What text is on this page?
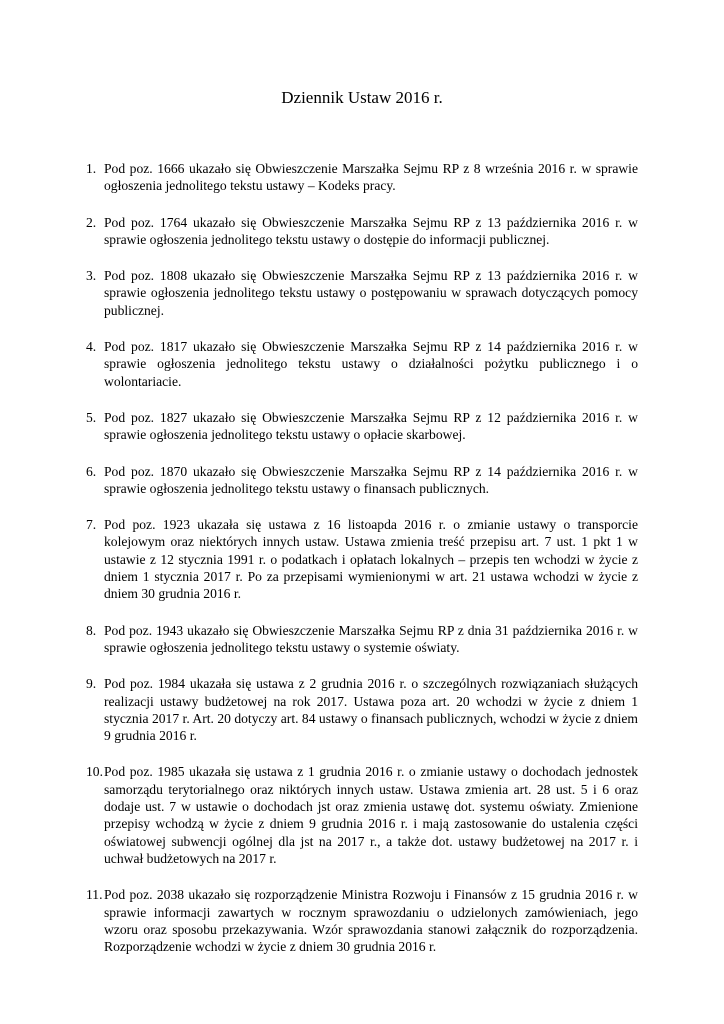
Dziennik Ustaw 2016 r.
1. Pod poz. 1666 ukazało się Obwieszczenie Marszałka Sejmu RP z 8 września 2016 r. w sprawie ogłoszenia jednolitego tekstu ustawy – Kodeks pracy.
2. Pod poz. 1764 ukazało się Obwieszczenie Marszałka Sejmu RP z 13 października 2016 r. w sprawie ogłoszenia jednolitego tekstu ustawy o dostępie do informacji publicznej.
3. Pod poz. 1808 ukazało się Obwieszczenie Marszałka Sejmu RP z 13 października 2016 r. w sprawie ogłoszenia jednolitego tekstu ustawy o postępowaniu w sprawach dotyczących pomocy publicznej.
4. Pod poz. 1817 ukazało się Obwieszczenie Marszałka Sejmu RP z 14 października 2016 r. w sprawie ogłoszenia jednolitego tekstu ustawy o działalności pożytku publicznego i o wolontariacie.
5. Pod poz. 1827 ukazało się Obwieszczenie Marszałka Sejmu RP z 12 października 2016 r. w sprawie ogłoszenia jednolitego tekstu ustawy o opłacie skarbowej.
6. Pod poz. 1870 ukazało się Obwieszczenie Marszałka Sejmu RP z 14 października 2016 r. w sprawie ogłoszenia jednolitego tekstu ustawy o finansach publicznych.
7. Pod poz. 1923 ukazała się ustawa z 16 listoapda 2016 r. o zmianie ustawy o transporcie kolejowym oraz niektórych innych ustaw. Ustawa zmienia treść przepisu art. 7 ust. 1 pkt 1 w ustawie z 12 stycznia 1991 r. o podatkach i opłatach lokalnych – przepis ten wchodzi w życie z dniem 1 stycznia 2017 r. Po za przepisami wymienionymi w art. 21 ustawa wchodzi w życie z dniem 30 grudnia 2016 r.
8. Pod poz. 1943 ukazało się Obwieszczenie Marszałka Sejmu RP z dnia 31 października 2016 r. w sprawie ogłoszenia jednolitego tekstu ustawy o systemie oświaty.
9. Pod poz. 1984 ukazała się ustawa z 2 grudnia 2016 r. o szczególnych rozwiązaniach służących realizacji ustawy budżetowej na rok 2017. Ustawa poza art. 20 wchodzi w życie z dniem 1 stycznia 2017 r. Art. 20 dotyczy art. 84 ustawy o finansach publicznych, wchodzi w życie z dniem 9 grudnia 2016 r.
10. Pod poz. 1985 ukazała się ustawa z 1 grudnia 2016 r. o zmianie ustawy o dochodach jednostek samorządu terytorialnego oraz niktórych innych ustaw. Ustawa zmienia art. 28 ust. 5 i 6 oraz dodaje ust. 7 w ustawie o dochodach jst oraz zmienia ustawę dot. systemu oświaty. Zmienione przepisy wchodzą w życie z dniem 9 grudnia 2016 r. i mają zastosowanie do ustalenia części oświatowej subwencji ogólnej dla jst na 2017 r., a także dot. ustawy budżetowej na 2017 r. i uchwał budżetowych na 2017 r.
11. Pod poz. 2038 ukazało się rozporządzenie Ministra Rozwoju i Finansów z 15 grudnia 2016 r. w sprawie informacji zawartych w rocznym sprawozdaniu o udzielonych zamówieniach, jego wzoru oraz sposobu przekazywania. Wzór sprawozdania stanowi załącznik do rozporządzenia. Rozporządzenie wchodzi w życie z dniem 30 grudnia 2016 r.
